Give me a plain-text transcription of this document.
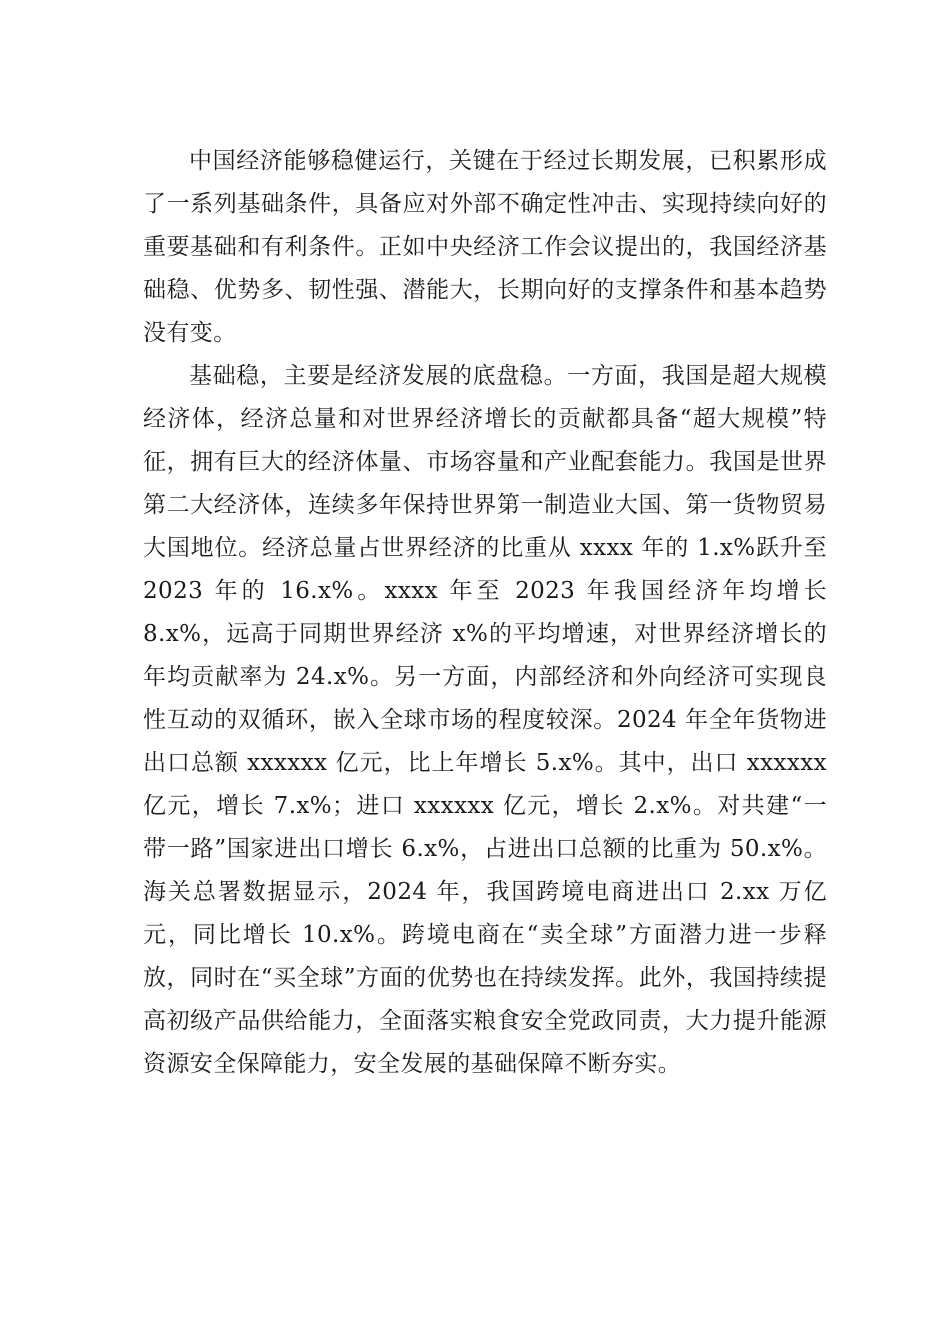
中国经济能够稳健运行，关键在于经过长期发展，已积累形成了一系列基础条件，具备应对外部不确定性冲击、实现持续向好的重要基础和有利条件。正如中央经济工作会议提出的，我国经济基础稳、优势多、韧性强、潜能大，长期向好的支撑条件和基本趋势没有变。

基础稳，主要是经济发展的底盘稳。一方面，我国是超大规模经济体，经济总量和对世界经济增长的贡献都具备“超大规模”特征，拥有巨大的经济体量、市场容量和产业配套能力。我国是世界第二大经济体，连续多年保持世界第一制造业大国、第一货物贸易大国地位。经济总量占世界经济的比重从 xxxx 年的 1.x%跃升至 2023 年的 16.x%。xxxx 年至 2023 年我国经济年均增长 8.x%，远高于同期世界经济 x%的平均增速，对世界经济增长的年均贡献率为 24.x%。另一方面，内部经济和外向经济可实现良性互动的双循环，嵌入全球市场的程度较深。2024 年全年货物进出口总额 xxxxxx 亿元，比上年增长 5.x%。其中，出口 xxxxxx 亿元，增长 7.x%；进口 xxxxxx 亿元，增长 2.x%。对共建“一带一路”国家进出口增长 6.x%，占进出口总额的比重为 50.x%。海关总署数据显示，2024 年，我国跨境电商进出口 2.xx 万亿元，同比增长 10.x%。跨境电商在“卖全球”方面潜力进一步释放，同时在“买全球”方面的优势也在持续发挥。此外，我国持续提高初级产品供给能力，全面落实粮食安全党政同责，大力提升能源资源安全保障能力，安全发展的基础保障不断夯实。
